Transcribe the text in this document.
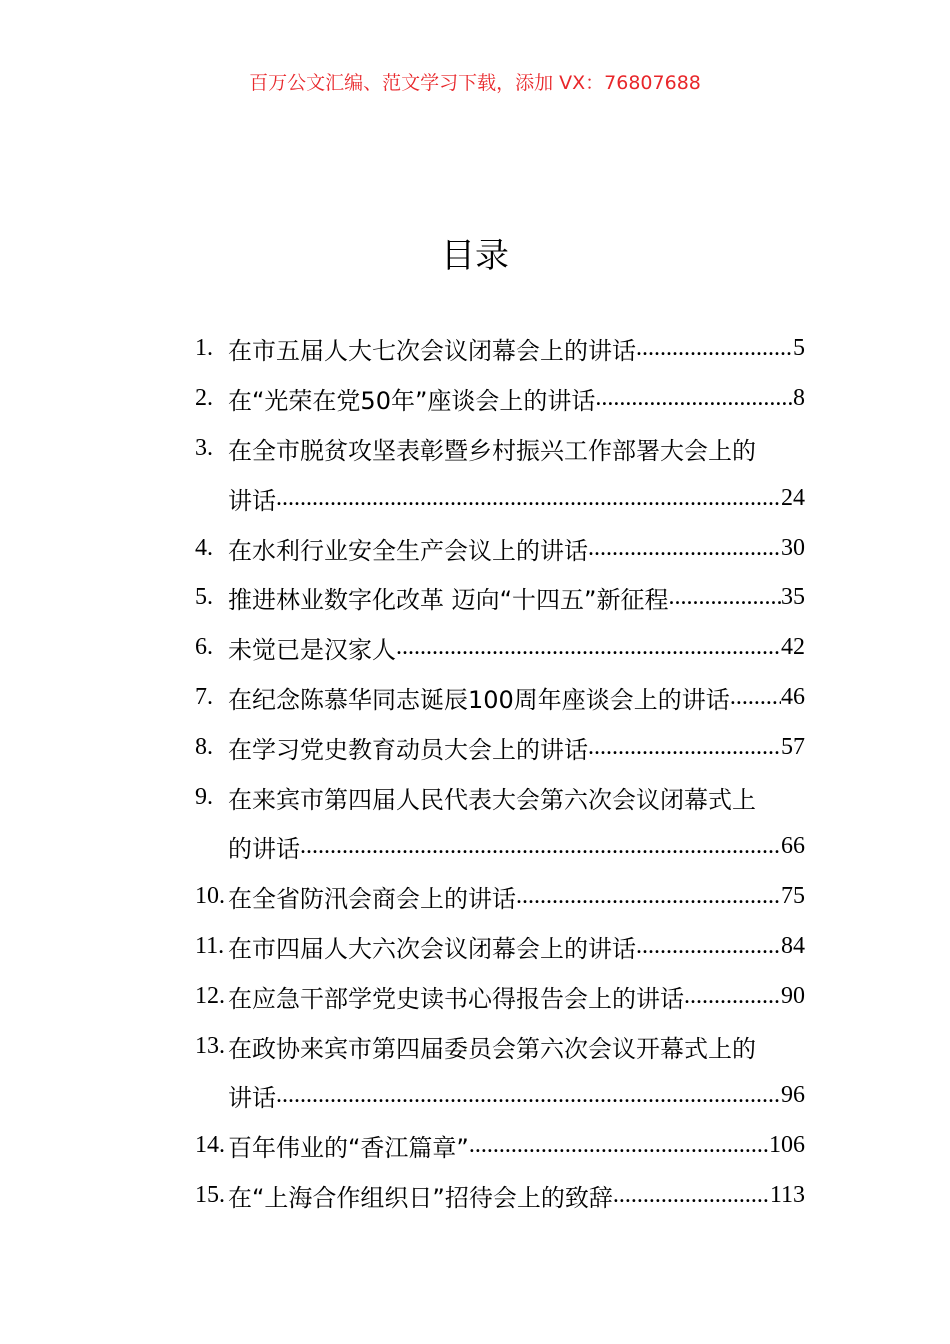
百万公文汇编、范文学习下载，添加 VX：76807688
目录
1. 在市五届人大七次会议闭幕会上的讲话 .....	5
2. 在“光荣在党50年”座谈会上的讲话 .....	8
3. 在全市脱贫攻坚表彰暨乡村振兴工作部署大会上的
讲话 .....	24
4. 在水利行业安全生产会议上的讲话 .....	30
5. 推进林业数字化改革 迈向“十四五”新征程 .....	35
6. 未觉已是汉家人 .....	42
7. 在纪念陈慕华同志诞辰100周年座谈会上的讲话 ..... 46
8. 在学习党史教育动员大会上的讲话 .....	57
9. 在来宾市第四届人民代表大会第六次会议闭幕式上
的讲话 .....	66
10. 在全省防汛会商会上的讲话 .....	75
11. 在市四届人大六次会议闭幕会上的讲话 .....	84
12. 在应急干部学党史读书心得报告会上的讲话 .....	90
13. 在政协来宾市第四届委员会第六次会议开幕式上的
讲话 .....	96
14. 百年伟业的“香江篇章” .....	106
15. 在“上海合作组织日”招待会上的致辞 .....	113
